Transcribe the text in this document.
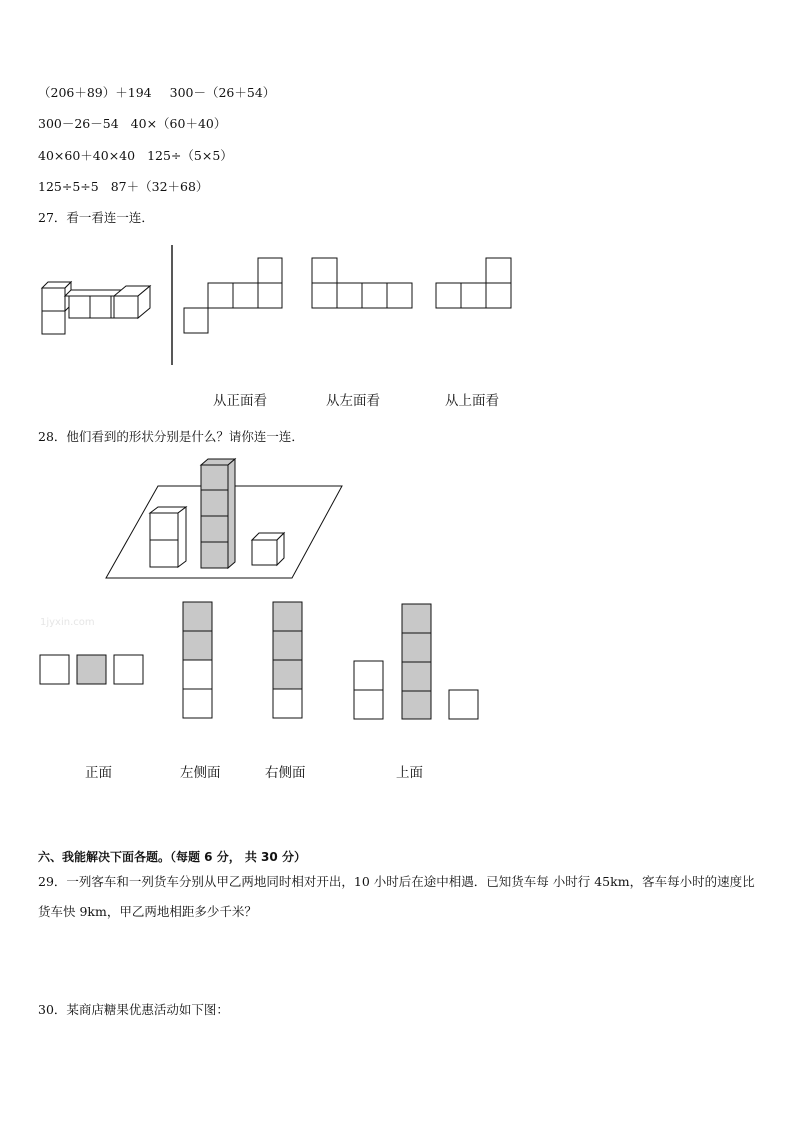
（206＋89）＋194 300－（26＋54）
300－26－54 40×（60＋40）
40×60＋40×40 125÷（5×5）
125÷5÷5 87＋（32＋68）
27．看一看连一连．
从正面看	从左面看	从上面看
28．他们看到的形状分别是什么？请你连一连．
1jyxin.com
正面	左侧面	右侧面	上面
六、我能解决下面各题。（每题 6 分， 共 30 分）
29．一列客车和一列货车分别从甲乙两地同时相对开出，10 小时后在途中相遇．已知货车每 小时行 45km，客车每小时的速度比货车快 9km，甲乙两地相距多少千米？
30．某商店糖果优惠活动如下图：
